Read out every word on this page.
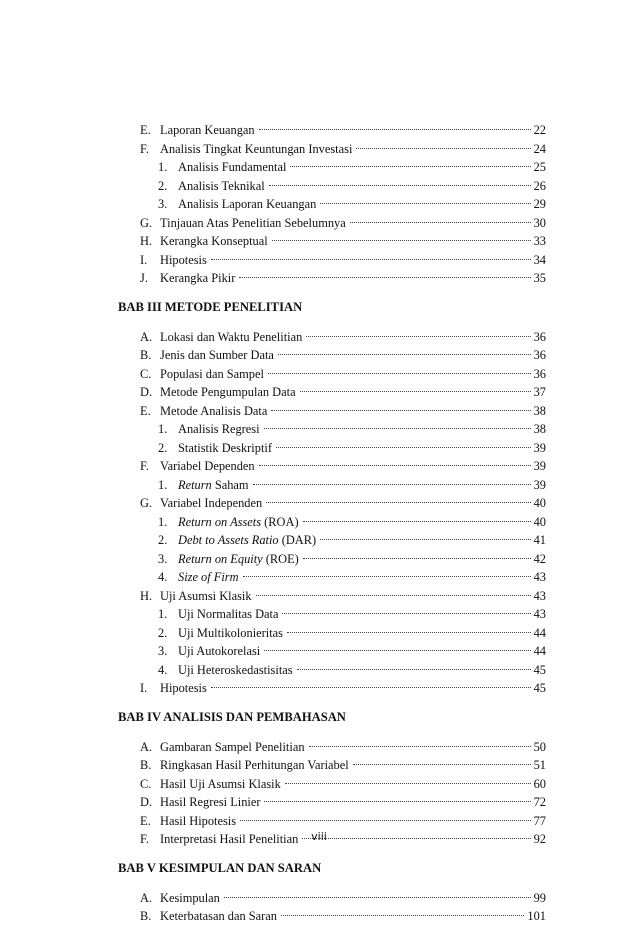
E. Laporan Keuangan	22
F. Analisis Tingkat Keuntungan Investasi	24
1. Analisis Fundamental	25
2. Analisis Teknikal	26
3. Analisis Laporan Keuangan	29
G. Tinjauan Atas Penelitian Sebelumnya	30
H. Kerangka Konseptual	33
I.	Hipotesis	34
J. Kerangka Pikir	35
BAB III METODE PENELITIAN
A. Lokasi dan Waktu Penelitian	36
B. Jenis dan Sumber Data	36
C. Populasi dan Sampel	36
D. Metode Pengumpulan Data	37
E. Metode Analisis Data	38
1. Analisis Regresi	38
2. Statistik Deskriptif	39
F. Variabel Dependen	39
1. Return Saham	39
G. Variabel Independen	40
1. Return on Assets (ROA)	40
2. Debt to Assets Ratio (DAR)	41
3. Return on Equity (ROE)	42
4. Size of Firm	43
H. Uji Asumsi Klasik	43
1. Uji Normalitas Data	43
2. Uji Multikolonieritas	44
3. Uji Autokorelasi	44
4. Uji Heteroskedastisitas	45
I.	Hipotesis	45
BAB IV ANALISIS DAN PEMBAHASAN
A. Gambaran Sampel Penelitian	50
B. Ringkasan Hasil Perhitungan Variabel	51
C. Hasil Uji Asumsi Klasik	60
D. Hasil Regresi Linier	72
E. Hasil Hipotesis	77
F. Interpretasi Hasil Penelitian	92
BAB V KESIMPULAN DAN SARAN
A. Kesimpulan	99
B. Keterbatasan dan Saran	101
viii
